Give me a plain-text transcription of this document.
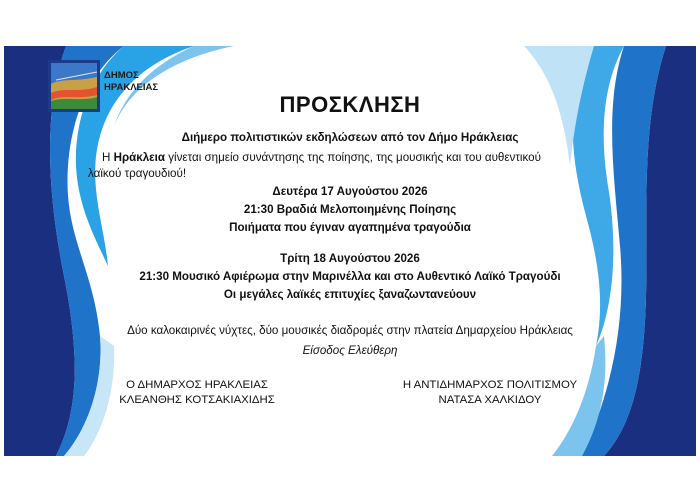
ΔΗΜΟΣ
ΗΡΑΚΛΕΙΑΣ
ΠΡΟΣΚΛΗΣΗ
Διήμερο πολιτιστικών εκδηλώσεων από τον Δήμο Ηράκλειας
Η Ηράκλεια γίνεται σημείο συνάντησης της ποίησης, της μουσικής και του αυθεντικού
λαϊκού τραγουδιού!
Δευτέρα 17 Αυγούστου 2026
21:30 Βραδιά Μελοποιημένης Ποίησης
Ποιήματα που έγιναν αγαπημένα τραγούδια
Τρίτη 18 Αυγούστου 2026
21:30 Μουσικό Αφιέρωμα στην Μαρινέλλα και στο Αυθεντικό Λαϊκό Τραγούδι
Οι μεγάλες λαϊκές επιτυχίες ξαναζωντανεύουν
Δύο καλοκαιρινές νύχτες, δύο μουσικές διαδρομές στην πλατεία Δημαρχείου Ηράκλειας
Είσοδος Ελεύθερη
Ο ΔΗΜΑΡΧΟΣ ΗΡΑΚΛΕΙΑΣ
ΚΛΕΑΝΘΗΣ ΚΟΤΣΑΚΙΑΧΙΔΗΣ
Η ΑΝΤΙΔΗΜΑΡΧΟΣ ΠΟΛΙΤΙΣΜΟΥ
ΝΑΤΑΣΑ ΧΑΛΚΙΔΟΥ
